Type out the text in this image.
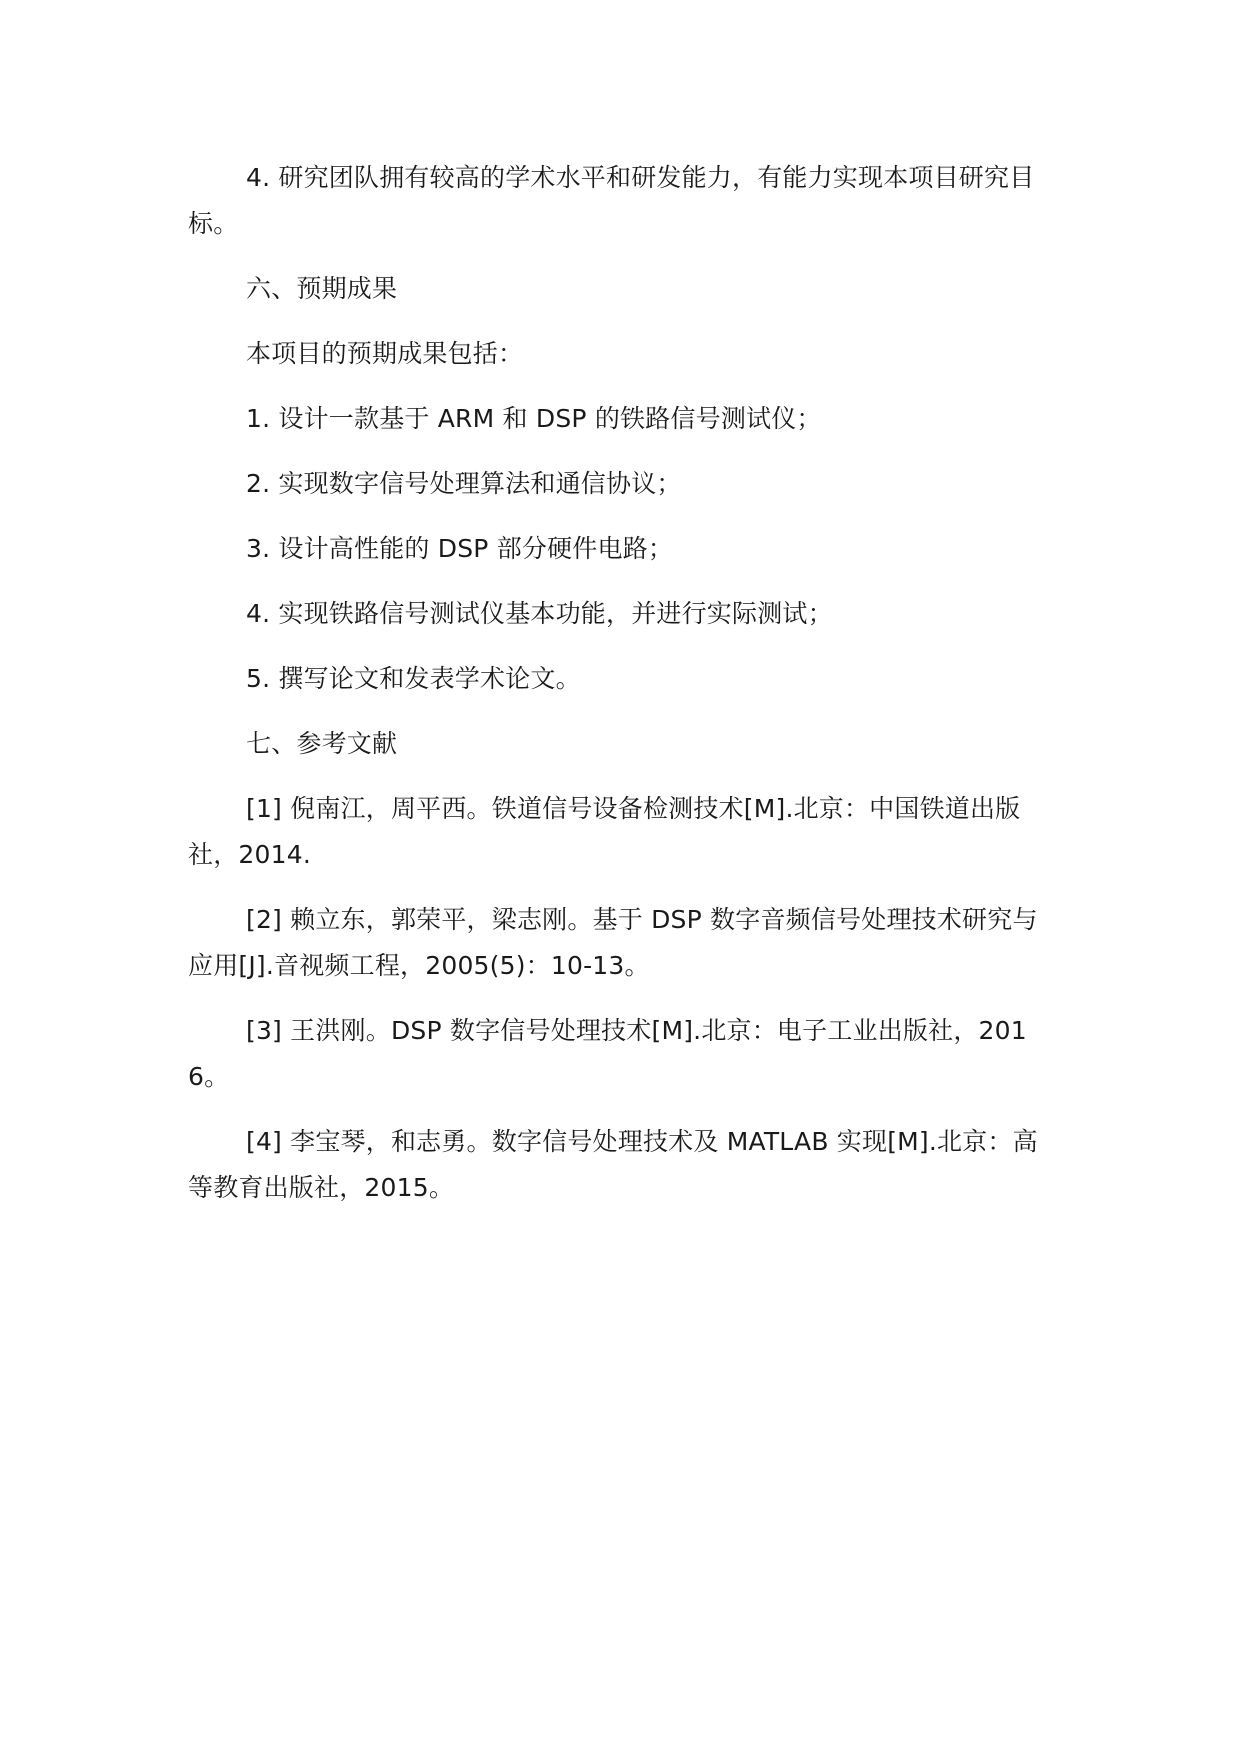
4. 研究团队拥有较高的学术水平和研发能力，有能力实现本项目研究目标。

六、预期成果

本项目的预期成果包括：

1. 设计一款基于 ARM 和 DSP 的铁路信号测试仪；

2. 实现数字信号处理算法和通信协议；

3. 设计高性能的 DSP 部分硬件电路；

4. 实现铁路信号测试仪基本功能，并进行实际测试；

5. 撰写论文和发表学术论文。

七、参考文献

[1] 倪南江，周平西。铁道信号设备检测技术[M].北京：中国铁道出版社，2014.

[2] 赖立东，郭荣平，梁志刚。基于 DSP 数字音频信号处理技术研究与应用[J].音视频工程，2005(5)：10-13。

[3] 王洪刚。DSP 数字信号处理技术[M].北京：电子工业出版社，2016。

[4] 李宝琴，和志勇。数字信号处理技术及 MATLAB 实现[M].北京：高等教育出版社，2015。
